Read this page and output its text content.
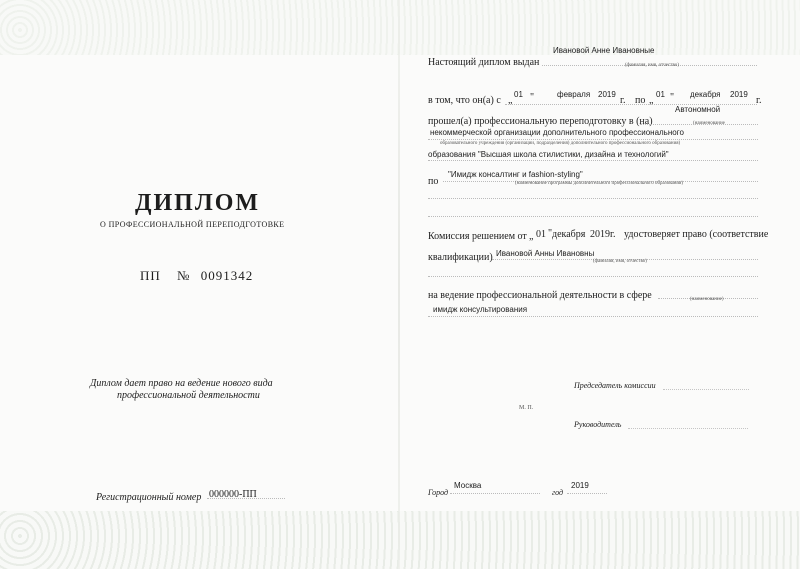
ДИПЛОМ
О ПРОФЕССИОНАЛЬНОЙ ПЕРЕПОДГОТОВКЕ
ПП № 0091342
Диплом дает право на ведение нового вида
профессиональной деятельности
Регистрационный номер 000000-ПП
Настоящий диплом выдан
Ивановой Анне Ивановные
(фамилия, имя, отчество)
в том, что он(а) с „
01 "	февраля 2019
г. по „
01 " декабря 2019
г.
прошел(а) профессиональную переподготовку в (на)
Автономной
(наименование
некоммерческой организации дополнительного профессионального
образовательного учреждения (организации, подразделения) дополнительного профессионального образования)
образования "Высшая школа стилистики, дизайна и технологий"
по
"Имидж консалтинг и fashion-styling"
(наименование программы дополнительного профессионального образования)
Комиссия решением от „ 01 " декабря 2019 г. удостоверяет право (соответствие
квалификации) Ивановой Анны Ивановны
(фамилия, имя, отчество)
на ведение профессиональной деятельности в сфере	(наименование)
имидж консультирования
Председатель комиссии
М. П.
Руководитель
Город
Москва
год
2019
